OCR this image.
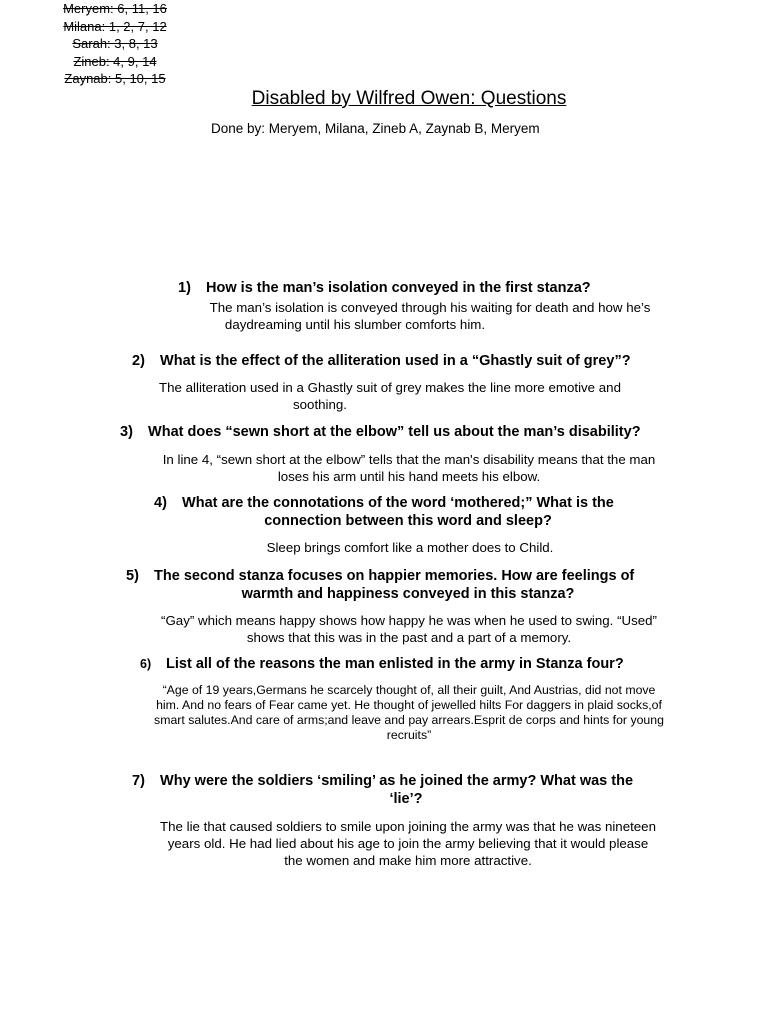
Disabled by Wilfred Owen: Questions
Done by: Meryem, Milana, Zineb A, Zaynab B, Meryem
Meryem: 6, 11, 16
Milana: 1, 2, 7, 12
Sarah: 3, 8, 13
Zineb: 4, 9, 14
Zaynab: 5, 10, 15
1) How is the man’s isolation conveyed in the first stanza?
The man’s isolation is conveyed through his waiting for death and how he’s
daydreaming until his slumber comforts him.
2) What is the effect of the alliteration used in a “Ghastly suit of grey”?
The alliteration used in a Ghastly suit of grey makes the line more emotive and
soothing.
3) What does “sewn short at the elbow” tell us about the man’s disability?
In line 4, “sewn short at the elbow” tells that the man's disability means that the man
loses his arm until his hand meets his elbow.
4) What are the connotations of the word ‘mothered;” What is the
connection between this word and sleep?
Sleep brings comfort like a mother does to Child.
5) The second stanza focuses on happier memories. How are feelings of
warmth and happiness conveyed in this stanza?
“Gay” which means happy shows how happy he was when he used to swing. “Used”
shows that this was in the past and a part of a memory.
6) List all of the reasons the man enlisted in the army in Stanza four?
“Age of 19 years,Germans he scarcely thought of, all their guilt, And Austrias, did not move
him. And no fears of Fear came yet. He thought of jewelled hilts For daggers in plaid socks,of
smart salutes.And care of arms;and leave and pay arrears.Esprit de corps and hints for young
recruits”
7) Why were the soldiers ‘smiling’ as he joined the army? What was the
‘lie’?
The lie that caused soldiers to smile upon joining the army was that he was nineteen
years old. He had lied about his age to join the army believing that it would please
the women and make him more attractive.
